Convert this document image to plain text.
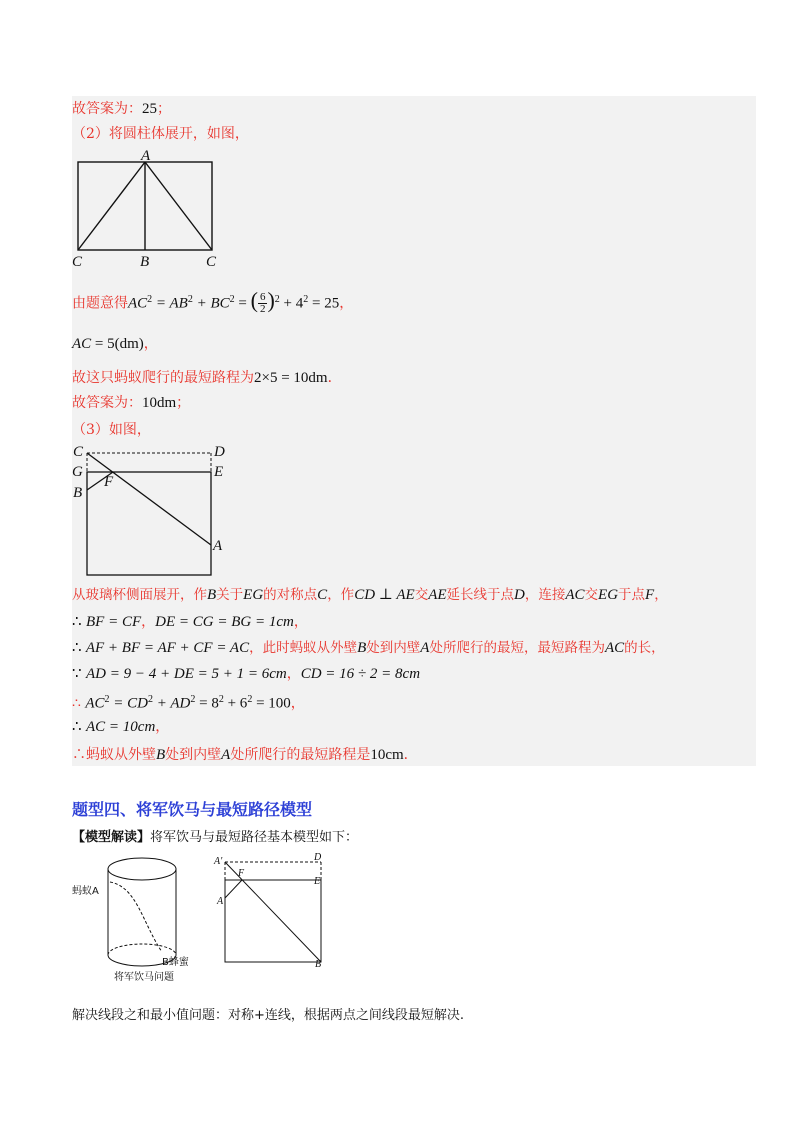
故答案为：25；
（2）将圆柱体展开，如图，
A
C	B	C
由题意得$AC^2 = AB^2 + BC^2$ = ( $\frac{6}{2} )^2 + 4^2 = 25$，
AC = 5(dm)，
故这只蚂蚁爬行的最短路程为2×5 = 10dm．
故答案为：10dm；
（3）如图，
C	D
G	E
B
F
A
从玻璃杯侧面展开，作B关于EG的对称点C，作CD ⊥ AE交AE延长线于点D，连接AC交EG于点F，
∴ BF = CF，DE = CG = BG = 1cm，
∴ AF + BF = AF + CF = AC，此时蚂蚁从外壁B处到内壁A处所爬行的最短，最短路程为AC的长，
∵ AD = 9 − 4 + DE = 5 + 1 = 6cm，CD = 16 ÷ 2 = 8cm
∴ $AC^2 = CD^2 + AD^2 = 8^2 + 6^2 = 100$，
∴ AC = 10cm，
∴蚂蚁从外壁B处到内壁A处所爬行的最短路程是10cm．
题型四、将军饮马与最短路径模型
【模型解读】将军饮马与最短路径基本模型如下：
蚂蚁A
B蜂蜜
将军饮马问题
A'	D
F
E
A
B
解决线段之和最小值问题：对称+连线，根据两点之间线段最短解决.
